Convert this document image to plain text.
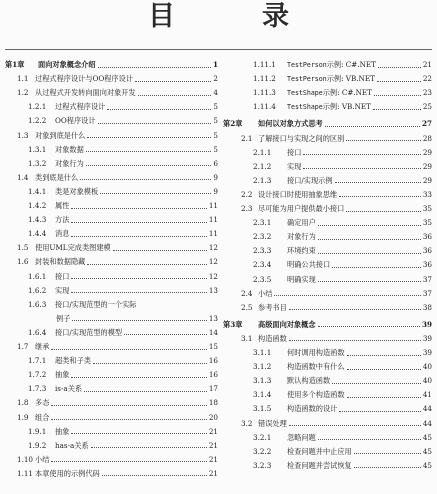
目　录
第1章	面向对象概念介绍	1
1.1 过程式程序设计与OO程序设计	2
1.2 从过程式开发转向面向对象开发	4
1.2.1	过程式程序设计	5
1.2.2	OO程序设计	5
1.3 对象到底是什么	5
1.3.1	对象数据	5
1.3.2	对象行为	6
1.4 类到底是什么	9
1.4.1	类是对象模板	9
1.4.2	属性	11
1.4.3	方法	11
1.4.4	消息	11
1.5 使用UML完成类图建模	12
1.6 封装和数据隐藏	12
1.6.1	接口	12
1.6.2	实现	13
1.6.3	接口/实现范型的一个实际
例子	13
1.6.4	接口/实现范型的模型	14
1.7 继承	15
1.7.1	超类和子类	16
1.7.2	抽象	16
1.7.3	is-a关系	17
1.8 多态	18
1.9 组合	20
1.9.1	抽象	21
1.9.2	has-a关系	21
1.10 小结	21
1.11 本章使用的示例代码	21
1.11.1	TestPerson示例: C#.NET	21
1.11.2	TestPerson示例: VB.NET	22
1.11.3	TestShape示例: C#.NET	23
1.11.4	TestShape示例: VB.NET	25
第2章	如何以对象方式思考	27
2.1 了解接口与实现之间的区别	28
2.1.1	接口	29
2.1.2	实现	29
2.1.3	接口/实现示例	29
2.2 设计接口时使用抽象思维	33
2.3 尽可能为用户提供最小接口	35
2.3.1	确定用户	35
2.3.2	对象行为	36
2.3.3	环境约束	36
2.3.4	明确公共接口	36
2.3.5	明确实现	37
2.4 小结	37
2.5 参考书目	38
第3章	高级面向对象概念	39
3.1 构造函数	39
3.1.1	何时调用构造函数	39
3.1.2	构造函数中有什么	40
3.1.3	默认构造函数	40
3.1.4	使用多个构造函数	41
3.1.5	构造函数的设计	44
3.2 错误处理	44
3.2.1	忽略问题	45
3.2.2	检查问题并中止应用	45
3.2.3	检查问题并尝试恢复	45
